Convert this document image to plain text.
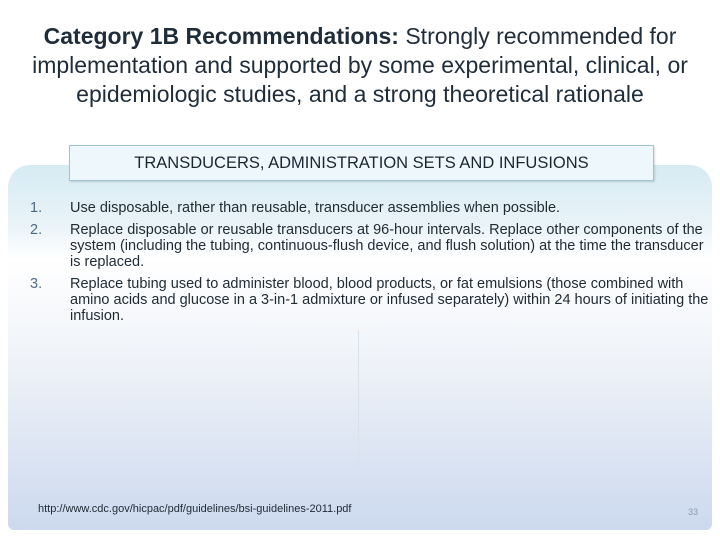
Category 1B Recommendations: Strongly recommended for implementation and supported by some experimental, clinical, or epidemiologic studies, and a strong theoretical rationale
TRANSDUCERS, ADMINISTRATION SETS AND INFUSIONS
1.	Use disposable, rather than reusable, transducer assemblies when possible.
2.	Replace disposable or reusable transducers at 96-hour intervals. Replace other components of the system (including the tubing, continuous-flush device, and flush solution) at the time the transducer is replaced.
3.	Replace tubing used to administer blood, blood products, or fat emulsions (those combined with amino acids and glucose in a 3-in-1 admixture or infused separately) within 24 hours of initiating the infusion.
http://www.cdc.gov/hicpac/pdf/guidelines/bsi-guidelines-2011.pdf	33
